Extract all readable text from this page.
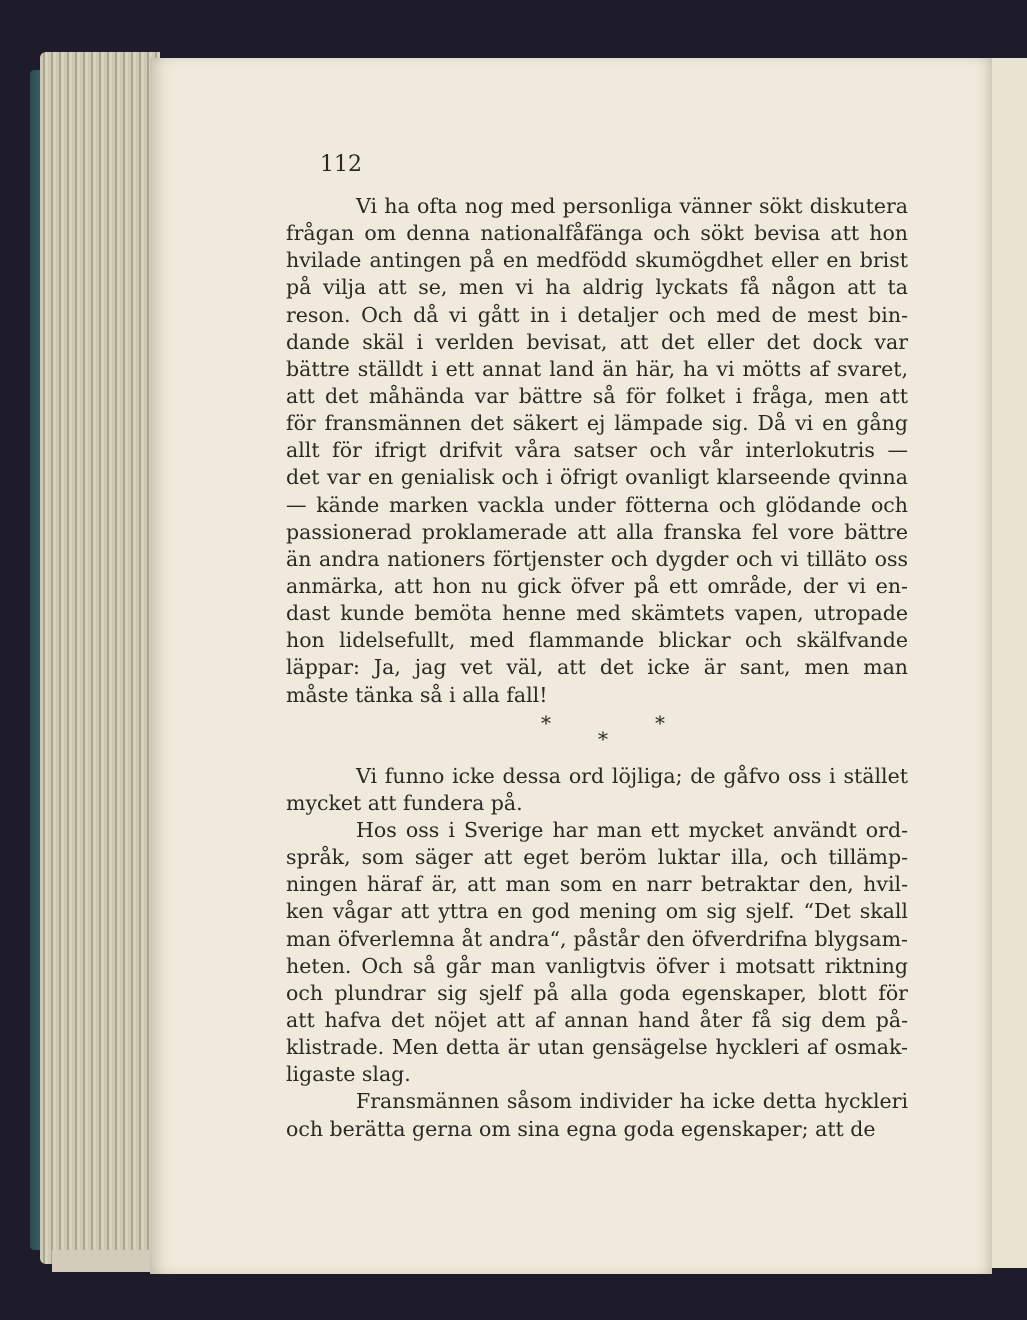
112
Vi ha ofta nog med personliga vänner sökt diskutera
frågan om denna nationalfåfänga och sökt bevisa att hon
hvilade antingen på en medfödd skumögdhet eller en brist
på vilja att se, men vi ha aldrig lyckats få någon att ta
reson. Och då vi gått in i detaljer och med de mest bin-
dande skäl i verlden bevisat, att det eller det dock var
bättre ställdt i ett annat land än här, ha vi mötts af svaret,
att det måhända var bättre så för folket i fråga, men att
för fransmännen det säkert ej lämpade sig. Då vi en gång
allt för ifrigt drifvit våra satser och vår interlokutris —
det var en genialisk och i öfrigt ovanligt klarseende qvinna
— kände marken vackla under fötterna och glödande och
passionerad proklamerade att alla franska fel vore bättre
än andra nationers förtjenster och dygder och vi tilläto oss
anmärka, att hon nu gick öfver på ett område, der vi en-
dast kunde bemöta henne med skämtets vapen, utropade
hon lidelsefullt, med flammande blickar och skälfvande
läppar: Ja, jag vet väl, att det icke är sant, men man
måste tänka så i alla fall!
*	*
*
Vi funno icke dessa ord löjliga; de gåfvo oss i stället
mycket att fundera på.
Hos oss i Sverige har man ett mycket användt ord-
språk, som säger att eget beröm luktar illa, och tillämp-
ningen häraf är, att man som en narr betraktar den, hvil-
ken vågar att yttra en god mening om sig sjelf. “Det skall
man öfverlemna åt andra“, påstår den öfverdrifna blygsam-
heten. Och så går man vanligtvis öfver i motsatt riktning
och plundrar sig sjelf på alla goda egenskaper, blott för
att hafva det nöjet att af annan hand åter få sig dem på-
klistrade. Men detta är utan gensägelse hyckleri af osmak-
ligaste slag.
Fransmännen såsom individer ha icke detta hyckleri
och berätta gerna om sina egna goda egenskaper; att de
